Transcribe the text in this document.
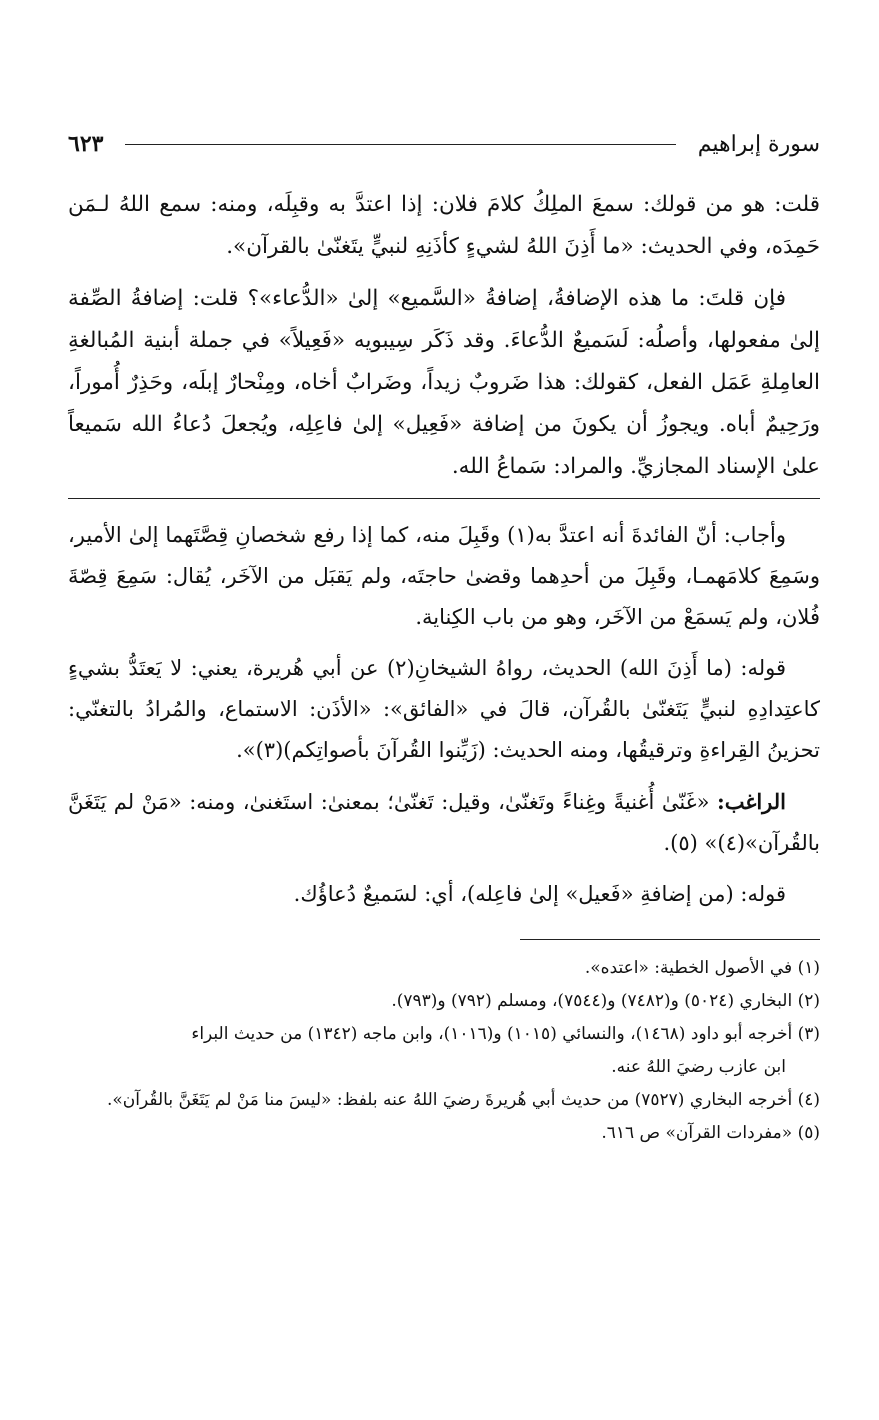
سورة إبراهيم
٦٢٣

قلت: هو من قولك: سمعَ الملِكُ كلامَ فلان: إذا اعتدَّ به وقبِلَه، ومنه: سمع اللهُ لـمَن حَمِدَه، وفي الحديث: «ما أَذِنَ اللهُ لشيءٍ كأذَنِهِ لنبيٍّ يتَغنّىٰ بالقرآن».

فإن قلتَ: ما هذه الإضافةُ، إضافةُ «السَّميع» إلىٰ «الدُّعاء»؟ قلت: إضافةُ الصِّفة إلىٰ مفعولها، وأصلُه: لَسَميعٌ الدُّعاءَ. وقد ذَكَر سِيبويه «فَعِيلاً» في جملة أبنية المُبالغةِ العامِلةِ عَمَل الفعل، كقولك: هذا ضَروبٌ زيداً، وضَرابٌ أخاه، ومِنْحارٌ إبلَه، وحَذِرٌ أُموراً، ورَحِيمٌ أباه. ويجوزُ أن يكونَ من إضافة «فَعِيل» إلىٰ فاعِلِه، ويُجعلَ دُعاءُ الله سَميعاً علىٰ الإسناد المجازيِّ. والمراد: سَماعُ الله.

وأجاب: أنّ الفائدةَ أنه اعتدَّ به(١) وقَبِلَ منه، كما إذا رفع شخصانِ قِصَّتَهما إلىٰ الأمير، وسَمِعَ كلامَهمـا، وقَبِلَ من أحدِهما وقضىٰ حاجتَه، ولم يَقبَل من الآخَر، يُقال: سَمِعَ قِصّةَ فُلان، ولم يَسمَعْ من الآخَر، وهو من باب الكِناية.

قوله: (ما أَذِنَ الله) الحديث، رواهُ الشيخانِ(٢) عن أبي هُريرة، يعني: لا يَعتَدُّ بشيءٍ كاعتِدادِهِ لنبيٍّ يَتَغنّىٰ بالقُرآن، قالَ في «الفائق»: «الأذَن: الاستماع، والمُرادُ بالتغنّي: تحزينُ القِراءةِ وترقيقُها، ومنه الحديث: (زَيِّنوا القُرآنَ بأصواتِكم)(٣)».

الراغب: «غَنّىٰ أُغنيةً وغِناءً وتَغنّىٰ، وقيل: تَغنّىٰ؛ بمعنىٰ: استَغنىٰ، ومنه: «مَنْ لم يَتَغَنَّ بالقُرآن»(٤)» (٥).

قوله: (من إضافةِ «فَعيل» إلىٰ فاعِله)، أي: لسَميعٌ دُعاؤُك.

(١) في الأصول الخطية: «اعتده».

(٢) البخاري (٥٠٢٤) و(٧٤٨٢) و(٧٥٤٤)، ومسلم (٧٩٢) و(٧٩٣).

(٣) أخرجه أبو داود (١٤٦٨)، والنسائي (١٠١٥) و(١٠١٦)، وابن ماجه (١٣٤٢) من حديث البراء

ابن عازب رضيَ اللهُ عنه.

(٤) أخرجه البخاري (٧٥٢٧) من حديث أبي هُريرةَ رضيَ اللهُ عنه بلفظ: «ليسَ منا مَنْ لم يَتَغَنَّ بالقُرآن».

(٥) «مفردات القرآن» ص ٦١٦.
